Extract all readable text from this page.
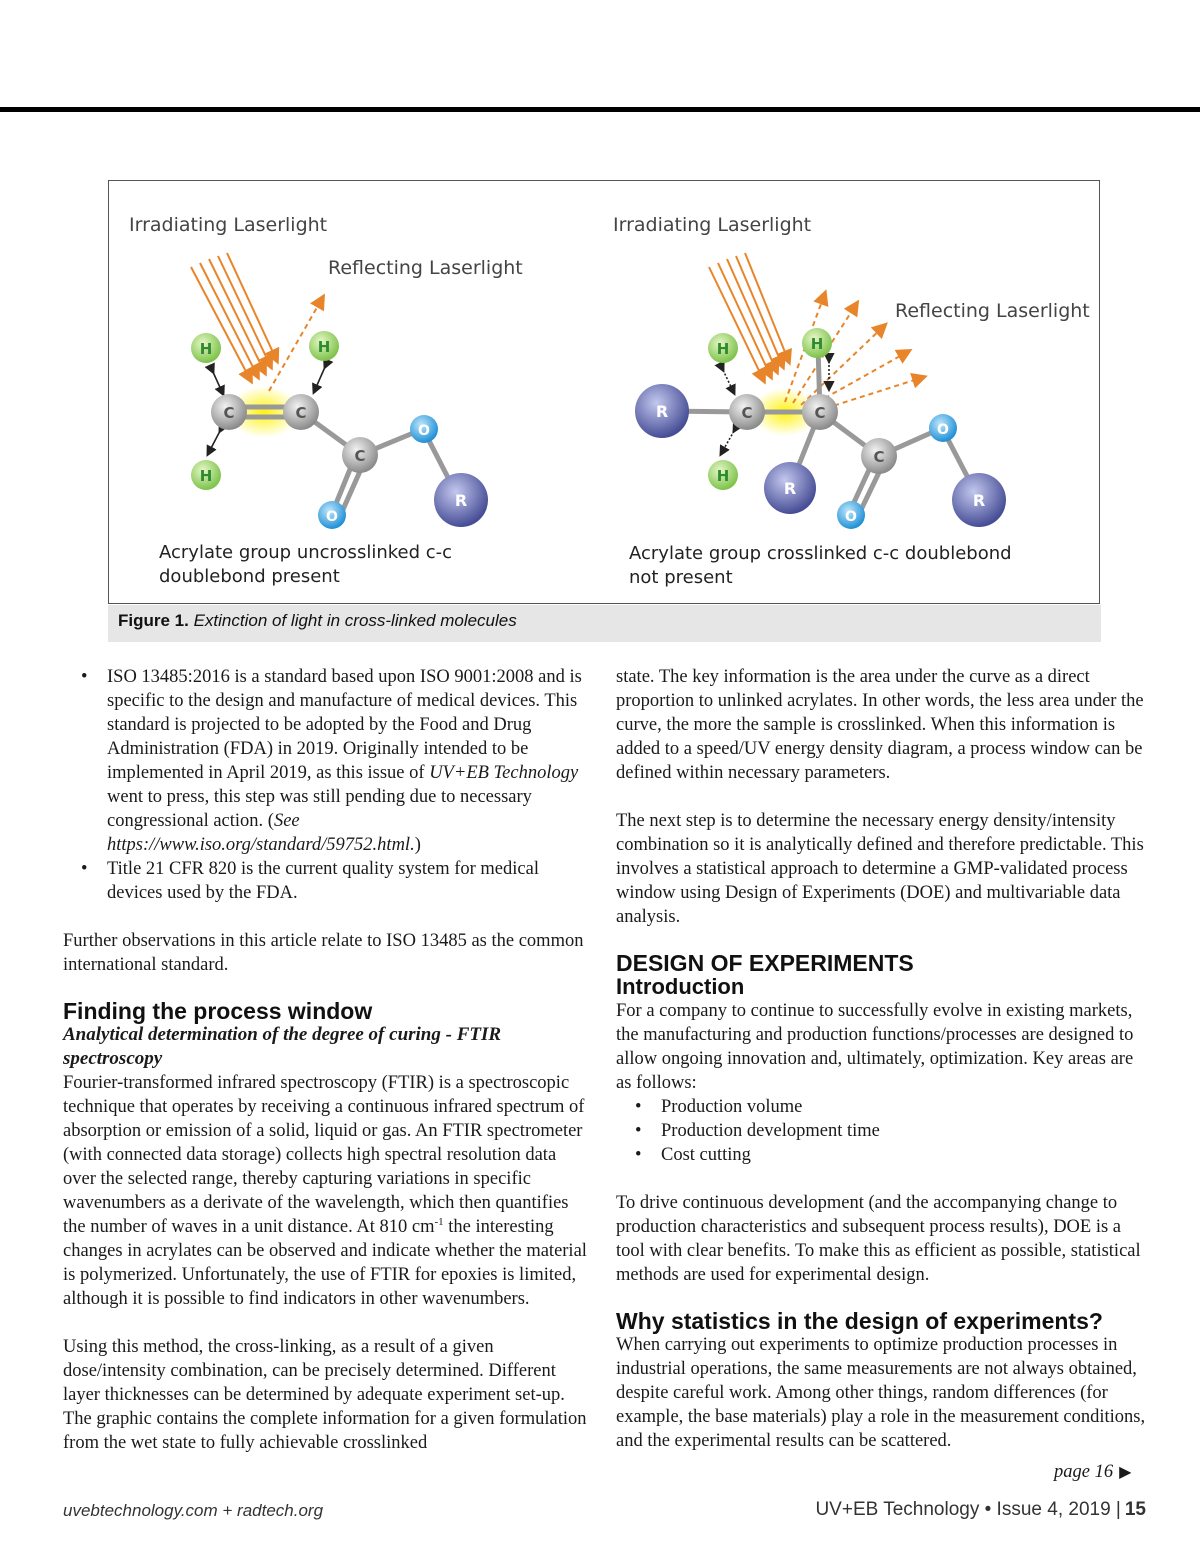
Irradiating Laserlight
Reflecting Laserlight
H
H
H
C	C
C
O
O
R
Acrylate group uncrosslinked c-c
doublebond present
Irradiating Laserlight
Reflecting Laserlight
R
H
H
H
C	C
C
R
O
O
R
Acrylate group crosslinked c-c doublebond
not present
Figure 1. Extinction of light in cross-linked molecules
• ISO 13485:2016 is a standard based upon ISO 9001:2008 and is specific to the design and manufacture of medical devices. This standard is projected to be adopted by the Food and Drug Administration (FDA) in 2019. Originally intended to be implemented in April 2019, as this issue of UV+EB Technology went to press, this step was still pending due to necessary congressional action. (See https://www.iso.org/standard/59752.html.)
• Title 21 CFR 820 is the current quality system for medical devices used by the FDA.

Further observations in this article relate to ISO 13485 as the common international standard.

Finding the process window
Analytical determination of the degree of curing - FTIR spectroscopy

Fourier-transformed infrared spectroscopy (FTIR) is a spectroscopic technique that operates by receiving a continuous infrared spectrum of absorption or emission of a solid, liquid or gas. An FTIR spectrometer (with connected data storage) collects high spectral resolution data over the selected range, thereby capturing variations in specific wavenumbers as a derivate of the wavelength, which then quantifies the number of waves in a unit distance. At 810 $cm^{-1}$ the interesting changes in acrylates can be observed and indicate whether the material is polymerized. Unfortunately, the use of FTIR for epoxies is limited, although it is possible to find indicators in other wavenumbers.

Using this method, the cross-linking, as a result of a given dose/intensity combination, can be precisely determined. Different layer thicknesses can be determined by adequate experiment set-up. The graphic contains the complete information for a given formulation from the wet state to fully achievable crosslinked

state. The key information is the area under the curve as a direct proportion to unlinked acrylates. In other words, the less area under the curve, the more the sample is crosslinked. When this information is added to a speed/UV energy density diagram, a process window can be defined within necessary parameters.

The next step is to determine the necessary energy density/intensity combination so it is analytically defined and therefore predictable. This involves a statistical approach to determine a GMP-validated process window using Design of Experiments (DOE) and multivariable data analysis.

DESIGN OF EXPERIMENTS
Introduction

For a company to continue to successfully evolve in existing markets, the manufacturing and production functions/processes are designed to allow ongoing innovation and, ultimately, optimization. Key areas are as follows:

• Production volume
• Production development time
• Cost cutting

To drive continuous development (and the accompanying change to production characteristics and subsequent process results), DOE is a tool with clear benefits. To make this as efficient as possible, statistical methods are used for experimental design.

Why statistics in the design of experiments?

When carrying out experiments to optimize production processes in industrial operations, the same measurements are not always obtained, despite careful work. Among other things, random differences (for example, the base materials) play a role in the measurement conditions, and the experimental results can be scattered.

page 16 ▶
uvebtechnology.com + radtech.org	UV+EB Technology • Issue 4, 2019 | 15
